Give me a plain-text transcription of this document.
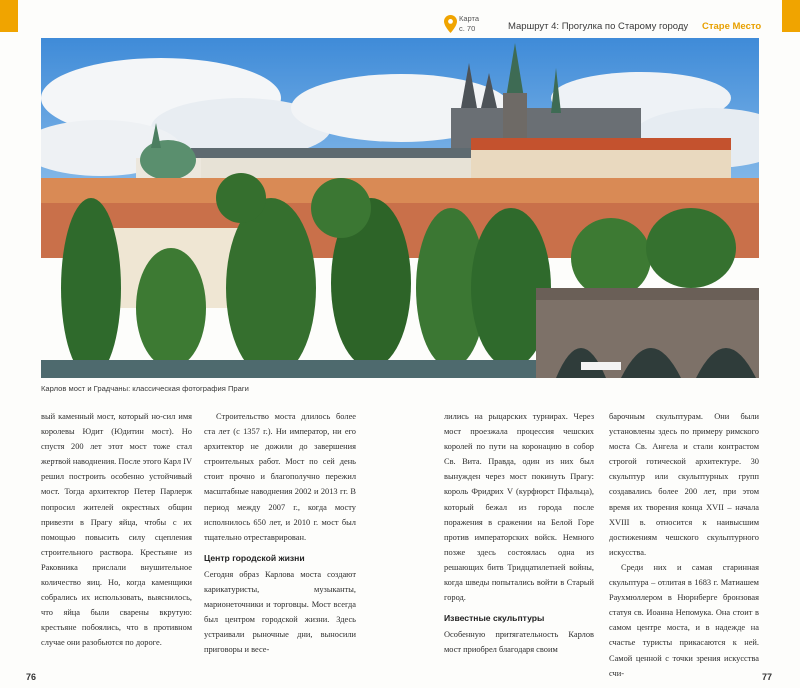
Карта
с. 70	Маршрут 4: Прогулка по Старому городу Старе Место
Карлов мост и Градчаны: классическая фотография Праги

вый каменный мост, который но-сил имя королевы Юдит (Юдитин мост). Но спустя 200 лет этот мост тоже стал жертвой наводнения. После этого Карл IV решил построить особенно устойчивый мост. Тогда архитектор Петер Парлерж попросил жителей окрестных общин привезти в Прагу яйца, чтобы с их помощью повысить силу сцепления строительного раствора. Крестьяне из Раковника прислали внушительное количество яиц. Но, когда каменщики собрались их использовать, выяснилось, что яйца были сварены вкрутую: крестьяне побоялись, что в противном случае они разобьются по дороге.

Строительство моста длилось более ста лет (с 1357 г.). Ни император, ни его архитектор не дожили до завершения строительных работ. Мост по сей день стоит прочно и благополучно пережил масштабные наводнения 2002 и 2013 гг. В период между 2007 г., когда мосту исполнилось 650 лет, и 2010 г. мост был тщательно отреставрирован.

Центр городской жизни

Сегодня образ Карлова моста создают карикатуристы, музыканты, марионеточники и торговцы. Мост всегда был центром городской жизни. Здесь устраивали рыночные дни, выносили приговоры и весе-

лились на рыцарских турнирах. Через мост проезжала процессия чешских королей по пути на коронацию в собор Св. Вита. Правда, один из них был вынужден через мост покинуть Прагу: король Фридрих V (курфюрст Пфальца), который бежал из города после поражения в сражении на Белой Горе против императорских войск. Немного позже здесь состоялась одна из решающих битв Тридцатилетней войны, когда шведы попытались войти в Старый город.

Известные скульптуры

Особенную притягательность Карлов мост приобрел благодаря своим

барочным скульптурам. Они были установлены здесь по примеру римского моста Св. Ангела и стали контрастом строгой готической архитектуре. 30 скульптур или скульптурных групп создавались более 200 лет, при этом время их творения конца XVII – начала XVIII в. относится к наивысшим достижениям чешского скульптурного искусства.

Среди них и самая старинная скульптура – отлитая в 1683 г. Матиашем Раухмюллером в Нюрнберге бронзовая статуя св. Иоанна Непомука. Она стоит в самом центре моста, и в надежде на счастье туристы прикасаются к ней. Самой ценной с точки зрения искусства счи-

76	77
